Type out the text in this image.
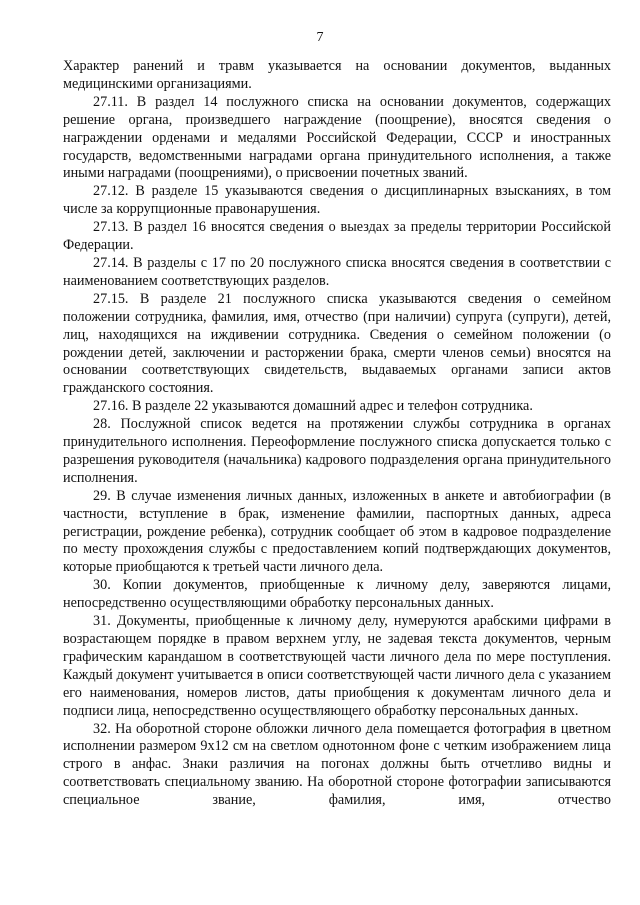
7

Характер ранений и травм указывается на основании документов, выданных медицинскими организациями.

27.11. В раздел 14 послужного списка на основании документов, содержащих решение органа, произведшего награждение (поощрение), вносятся сведения о награждении орденами и медалями Российской Федерации, СССР и иностранных государств, ведомственными наградами органа принудительного исполнения, а также иными наградами (поощрениями), о присвоении почетных званий.

27.12. В разделе 15 указываются сведения о дисциплинарных взысканиях, в том числе за коррупционные правонарушения.

27.13. В раздел 16 вносятся сведения о выездах за пределы территории Российской Федерации.

27.14. В разделы с 17 по 20 послужного списка вносятся сведения в соответствии с наименованием соответствующих разделов.

27.15. В разделе 21 послужного списка указываются сведения о семейном положении сотрудника, фамилия, имя, отчество (при наличии) супруга (супруги), детей, лиц, находящихся на иждивении сотрудника. Сведения о семейном положении (о рождении детей, заключении и расторжении брака, смерти членов семьи) вносятся на основании соответствующих свидетельств, выдаваемых органами записи актов гражданского состояния.

27.16. В разделе 22 указываются домашний адрес и телефон сотрудника.

28. Послужной список ведется на протяжении службы сотрудника в органах принудительного исполнения. Переоформление послужного списка допускается только с разрешения руководителя (начальника) кадрового подразделения органа принудительного исполнения.

29. В случае изменения личных данных, изложенных в анкете и автобиографии (в частности, вступление в брак, изменение фамилии, паспортных данных, адреса регистрации, рождение ребенка), сотрудник сообщает об этом в кадровое подразделение по месту прохождения службы с предоставлением копий подтверждающих документов, которые приобщаются к третьей части личного дела.

30. Копии документов, приобщенные к личному делу, заверяются лицами, непосредственно осуществляющими обработку персональных данных.

31. Документы, приобщенные к личному делу, нумеруются арабскими цифрами в возрастающем порядке в правом верхнем углу, не задевая текста документов, черным графическим карандашом в соответствующей части личного дела по мере поступления. Каждый документ учитывается в описи соответствующей части личного дела с указанием его наименования, номеров листов, даты приобщения к документам личного дела и подписи лица, непосредственно осуществляющего обработку персональных данных.

32. На оборотной стороне обложки личного дела помещается фотография в цветном исполнении размером 9x12 см на светлом однотонном фоне с четким изображением лица строго в анфас. Знаки различия на погонах должны быть отчетливо видны и соответствовать специальному званию. На оборотной стороне фотографии записываются специальное звание, фамилия, имя, отчество
